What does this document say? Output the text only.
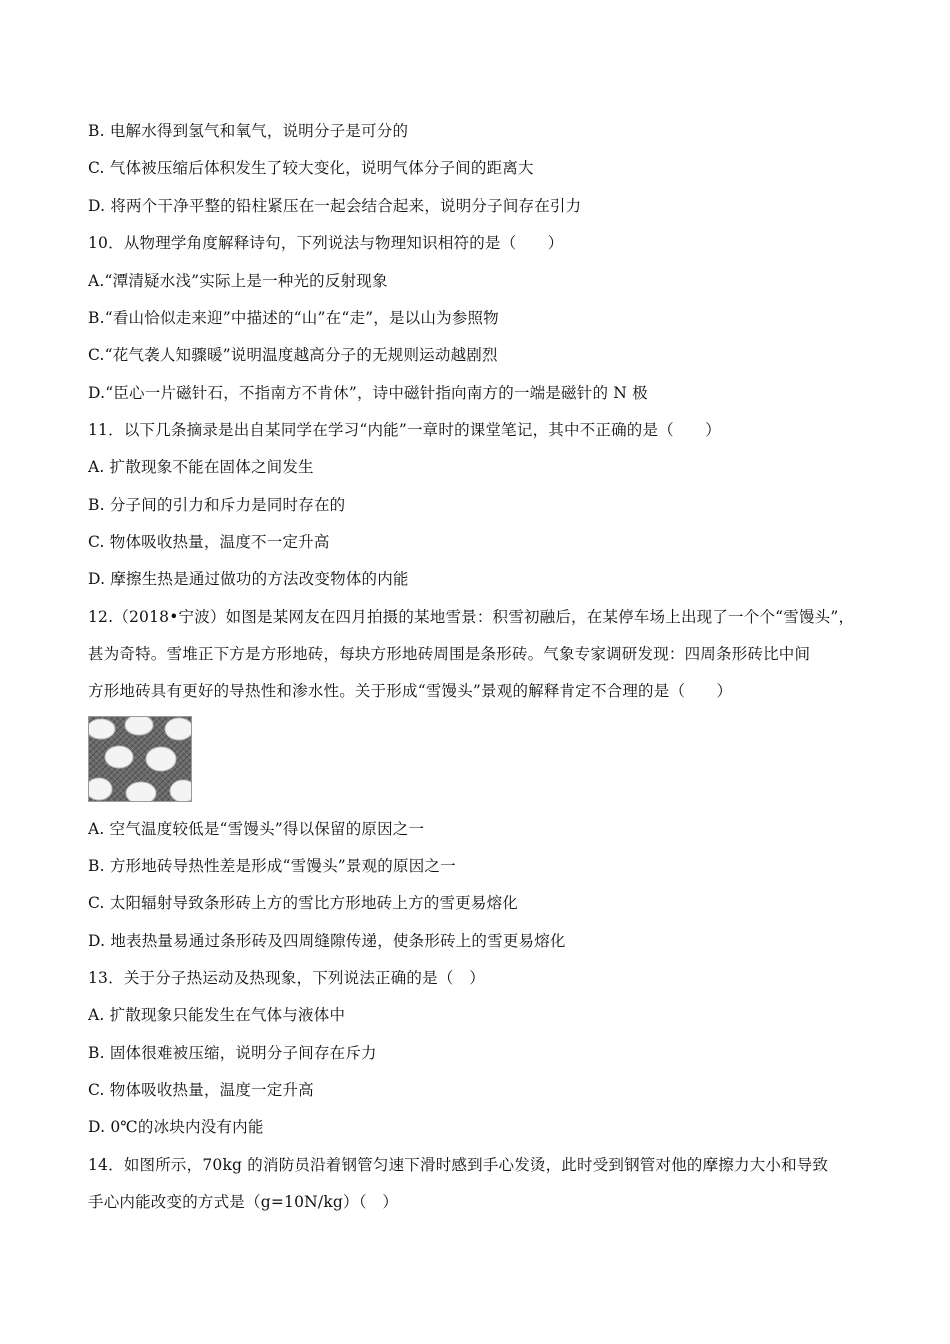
B. 电解水得到氢气和氧气，说明分子是可分的
C. 气体被压缩后体积发生了较大变化，说明气体分子间的距离大
D. 将两个干净平整的铅柱紧压在一起会结合起来，说明分子间存在引力
10．从物理学角度解释诗句，下列说法与物理知识相符的是（　　）
A.“潭清疑水浅”实际上是一种光的反射现象
B.“看山恰似走来迎”中描述的“山”在“走”，是以山为参照物
C.“花气袭人知骤暖”说明温度越高分子的无规则运动越剧烈
D.“臣心一片磁针石，不指南方不肯休”，诗中磁针指向南方的一端是磁针的 N 极
11．以下几条摘录是出自某同学在学习“内能”一章时的课堂笔记，其中不正确的是（　　）
A. 扩散现象不能在固体之间发生
B. 分子间的引力和斥力是同时存在的
C. 物体吸收热量，温度不一定升高
D. 摩擦生热是通过做功的方法改变物体的内能
12.（2018•宁波）如图是某网友在四月拍摄的某地雪景：积雪初融后，在某停车场上出现了一个个“雪馒头”，
甚为奇特。雪堆正下方是方形地砖，每块方形地砖周围是条形砖。气象专家调研发现：四周条形砖比中间
方形地砖具有更好的导热性和渗水性。关于形成“雪馒头”景观的解释肯定不合理的是（　　）
A. 空气温度较低是“雪馒头”得以保留的原因之一
B. 方形地砖导热性差是形成“雪馒头”景观的原因之一
C. 太阳辐射导致条形砖上方的雪比方形地砖上方的雪更易熔化
D. 地表热量易通过条形砖及四周缝隙传递，使条形砖上的雪更易熔化
13．关于分子热运动及热现象，下列说法正确的是（　）
A. 扩散现象只能发生在气体与液体中
B. 固体很难被压缩，说明分子间存在斥力
C. 物体吸收热量，温度一定升高
D. 0℃的冰块内没有内能
14．如图所示，70kg 的消防员沿着钢管匀速下滑时感到手心发烫，此时受到钢管对他的摩擦力大小和导致
手心内能改变的方式是（g=10N/kg）（　）
